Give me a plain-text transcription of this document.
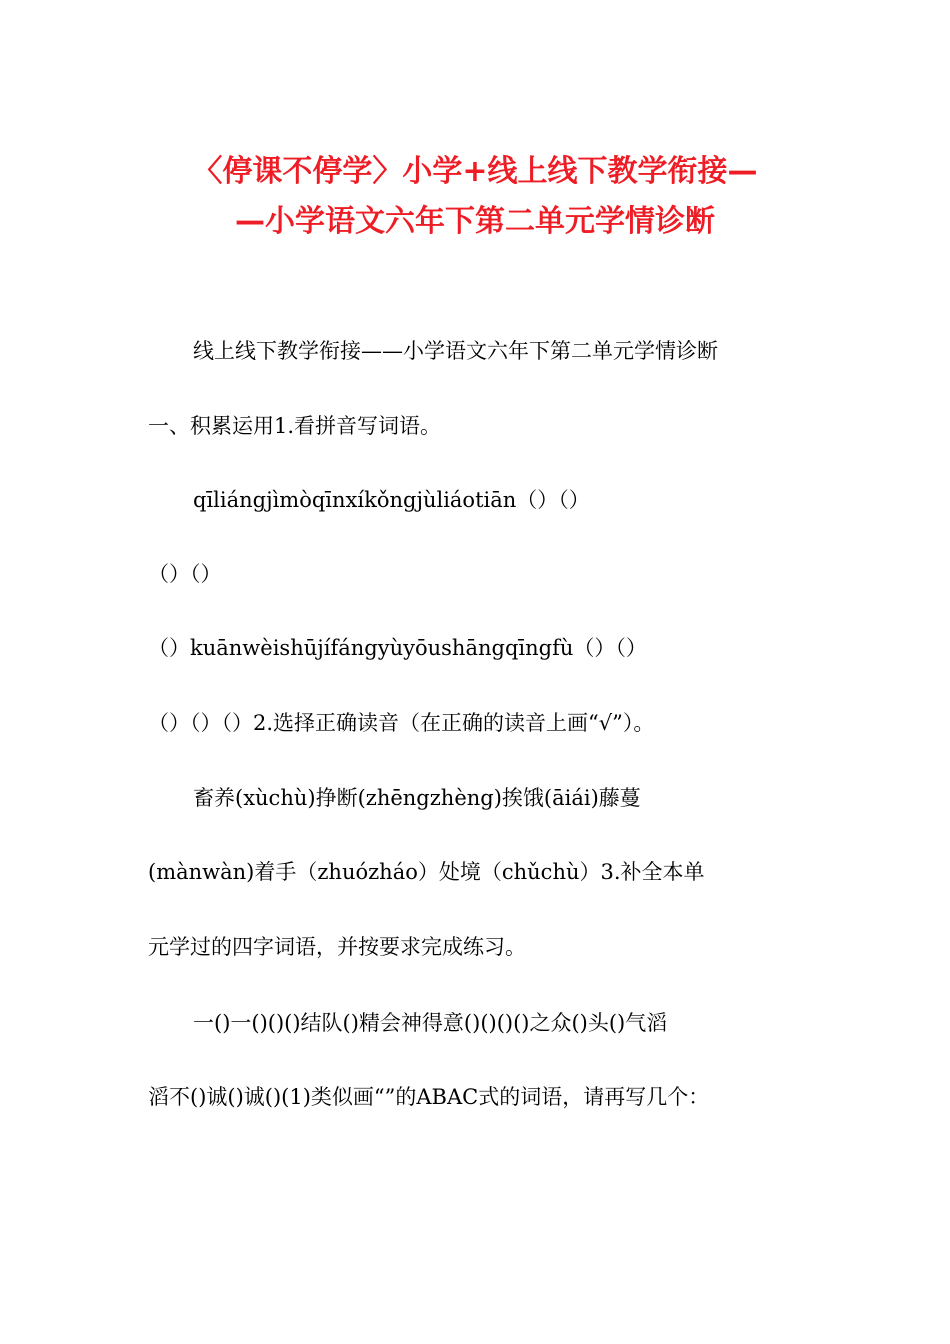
〈停课不停学〉小学+线上线下教学衔接—
—小学语文六年下第二单元学情诊断
线上线下教学衔接——小学语文六年下第二单元学情诊断
一、积累运用1.看拼音写词语。
qīliángjìmòqīnxíkǒngjùliáotiān（）（）
（）（）
（）kuānwèishūjífángyùyōushāngqīngfù（）（）
（）（）（）2.选择正确读音（在正确的读音上画“√”）。
畜养(xùchù)挣断(zhēngzhèng)挨饿(āiái)藤蔓
(mànwàn)着手（zhuózháo）处境（chǔchù）3.补全本单
元学过的四字词语，并按要求完成练习。
一()一()()()结队()精会神得意()()()()之众()头()气滔
滔不()诚()诚()(1)类似画“”的ABAC式的词语，请再写几个：
